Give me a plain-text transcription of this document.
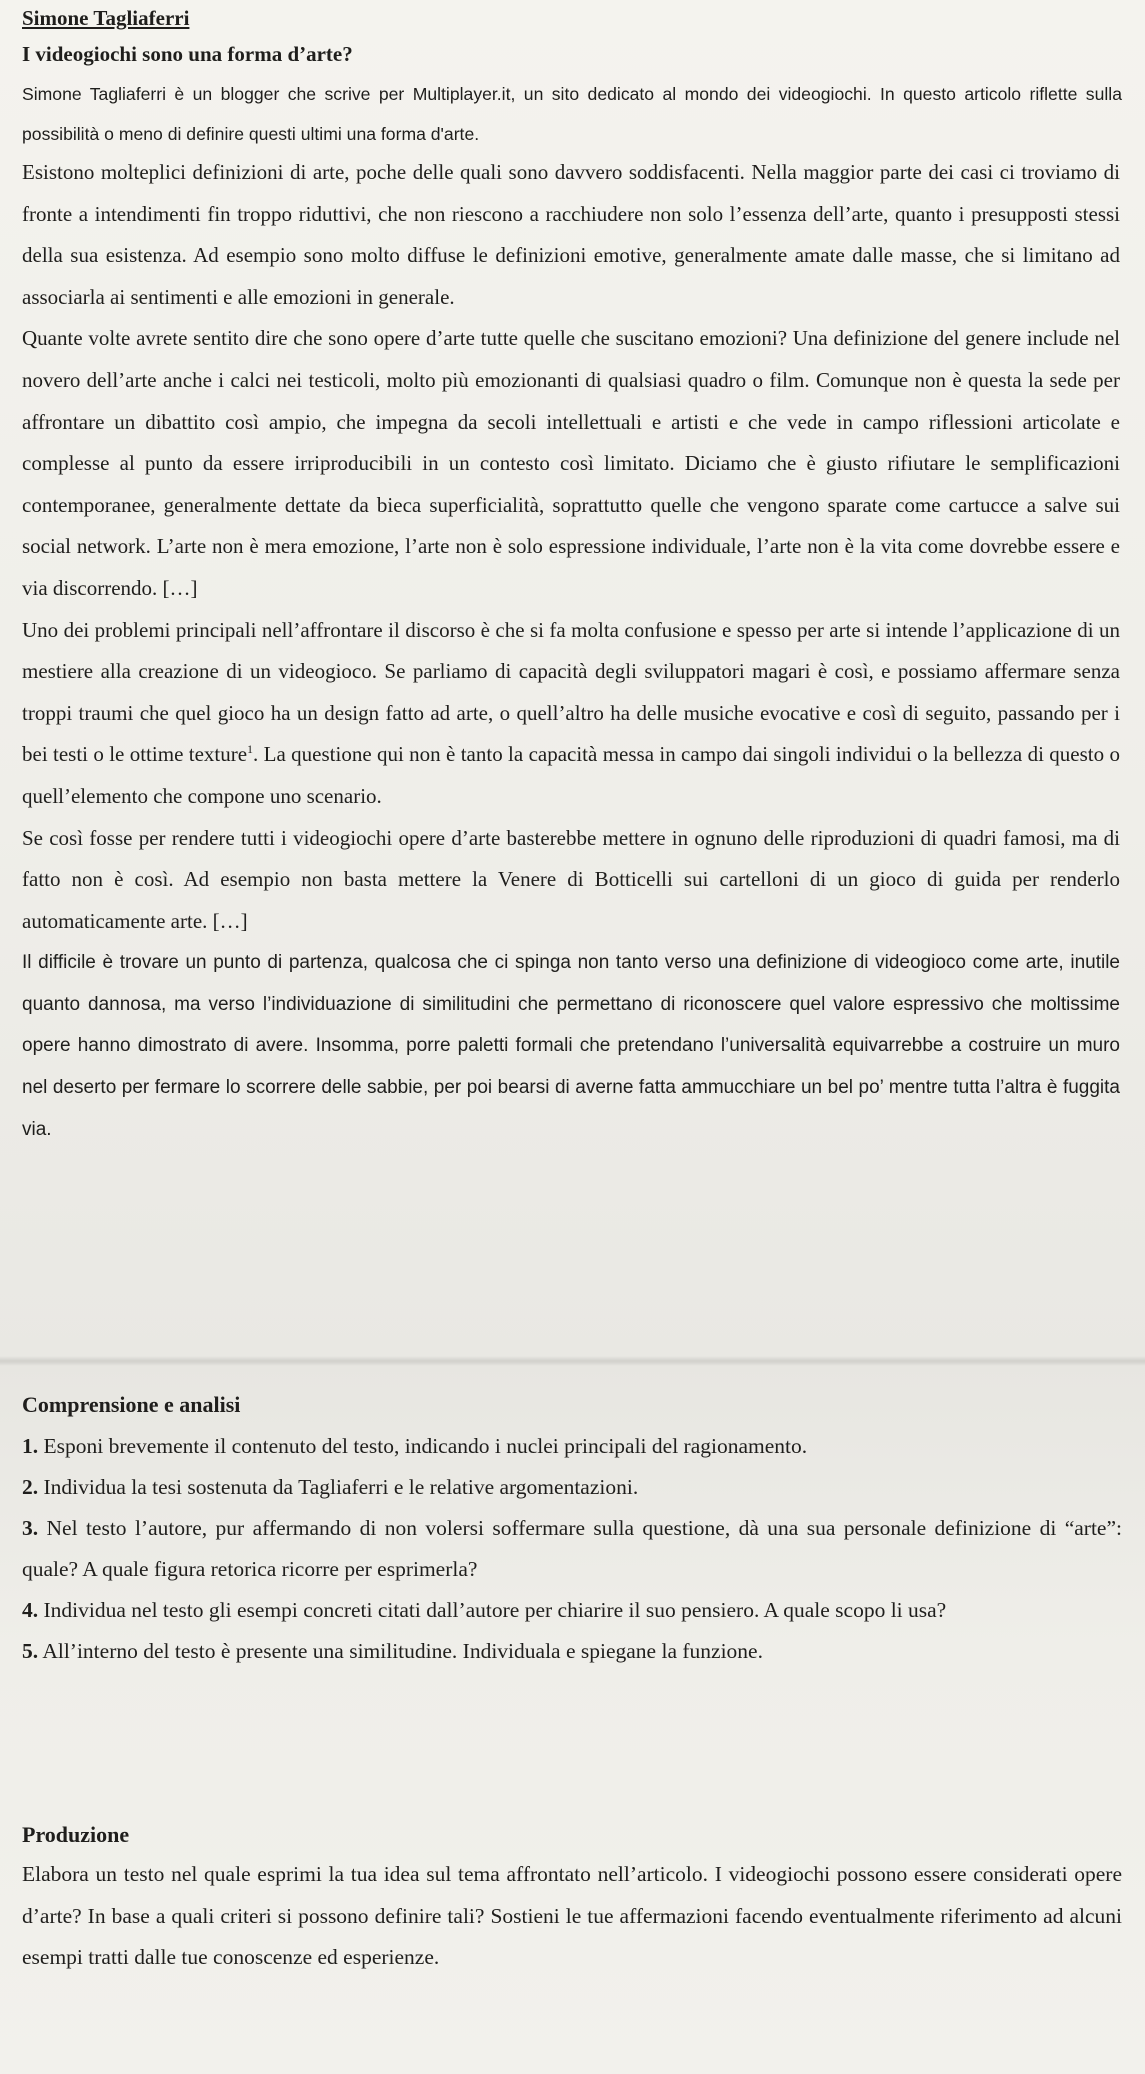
Simone Tagliaferri
I videogiochi sono una forma d’arte?
Simone Tagliaferri è un blogger che scrive per Multiplayer.it, un sito dedicato al mondo dei videogiochi. In questo articolo riflette sulla possibilità o meno di definire questi ultimi una forma d'arte.

Esistono molteplici definizioni di arte, poche delle quali sono davvero soddisfacenti. Nella maggior parte dei casi ci troviamo di fronte a intendimenti fin troppo riduttivi, che non riescono a racchiudere non solo l’essenza dell’arte, quanto i presupposti stessi della sua esistenza. Ad esempio sono molto diffuse le definizioni emotive, generalmente amate dalle masse, che si limitano ad associarla ai sentimenti e alle emozioni in generale.

Quante volte avrete sentito dire che sono opere d’arte tutte quelle che suscitano emozioni? Una definizione del genere include nel novero dell’arte anche i calci nei testicoli, molto più emozionanti di qualsiasi quadro o film. Comunque non è questa la sede per affrontare un dibattito così ampio, che impegna da secoli intellettuali e artisti e che vede in campo riflessioni articolate e complesse al punto da essere irriproducibili in un contesto così limitato. Diciamo che è giusto rifiutare le semplificazioni contemporanee, generalmente dettate da bieca superficialità, soprattutto quelle che vengono sparate come cartucce a salve sui social network. L’arte non è mera emozione, l’arte non è solo espressione individuale, l’arte non è la vita come dovrebbe essere e via discorrendo. […]

Uno dei problemi principali nell’affrontare il discorso è che si fa molta confusione e spesso per arte si intende l’applicazione di un mestiere alla creazione di un videogioco. Se parliamo di capacità degli sviluppatori magari è così, e possiamo affermare senza troppi traumi che quel gioco ha un design fatto ad arte, o quell’altro ha delle musiche evocative e così di seguito, passando per i bei testi o le ottime texture$^1$. La questione qui non è tanto la capacità messa in campo dai singoli individui o la bellezza di questo o quell’elemento che compone uno scenario.

Se così fosse per rendere tutti i videogiochi opere d’arte basterebbe mettere in ognuno delle riproduzioni di quadri famosi, ma di fatto non è così. Ad esempio non basta mettere la Venere di Botticelli sui cartelloni di un gioco di guida per renderlo automaticamente arte. […]

Il difficile è trovare un punto di partenza, qualcosa che ci spinga non tanto verso una definizione di videogioco come arte, inutile quanto dannosa, ma verso l’individuazione di similitudini che permettano di riconoscere quel valore espressivo che moltissime opere hanno dimostrato di avere. Insomma, porre paletti formali che pretendano l’universalità equivarrebbe a costruire un muro nel deserto per fermare lo scorrere delle sabbie, per poi bearsi di averne fatta ammucchiare un bel po’ mentre tutta l’altra è fuggita via.

Comprensione e analisi

1. Esponi brevemente il contenuto del testo, indicando i nuclei principali del ragionamento.

2. Individua la tesi sostenuta da Tagliaferri e le relative argomentazioni.

3. Nel testo l’autore, pur affermando di non volersi soffermare sulla questione, dà una sua personale definizione di “arte”: quale? A quale figura retorica ricorre per esprimerla?

4. Individua nel testo gli esempi concreti citati dall’autore per chiarire il suo pensiero. A quale scopo li usa?

5. All’interno del testo è presente una similitudine. Individuala e spiegane la funzione.

Produzione

Elabora un testo nel quale esprimi la tua idea sul tema affrontato nell’articolo. I videogiochi possono essere considerati opere d’arte? In base a quali criteri si possono definire tali? Sostieni le tue affermazioni facendo eventualmente riferimento ad alcuni esempi tratti dalle tue conoscenze ed esperienze.
